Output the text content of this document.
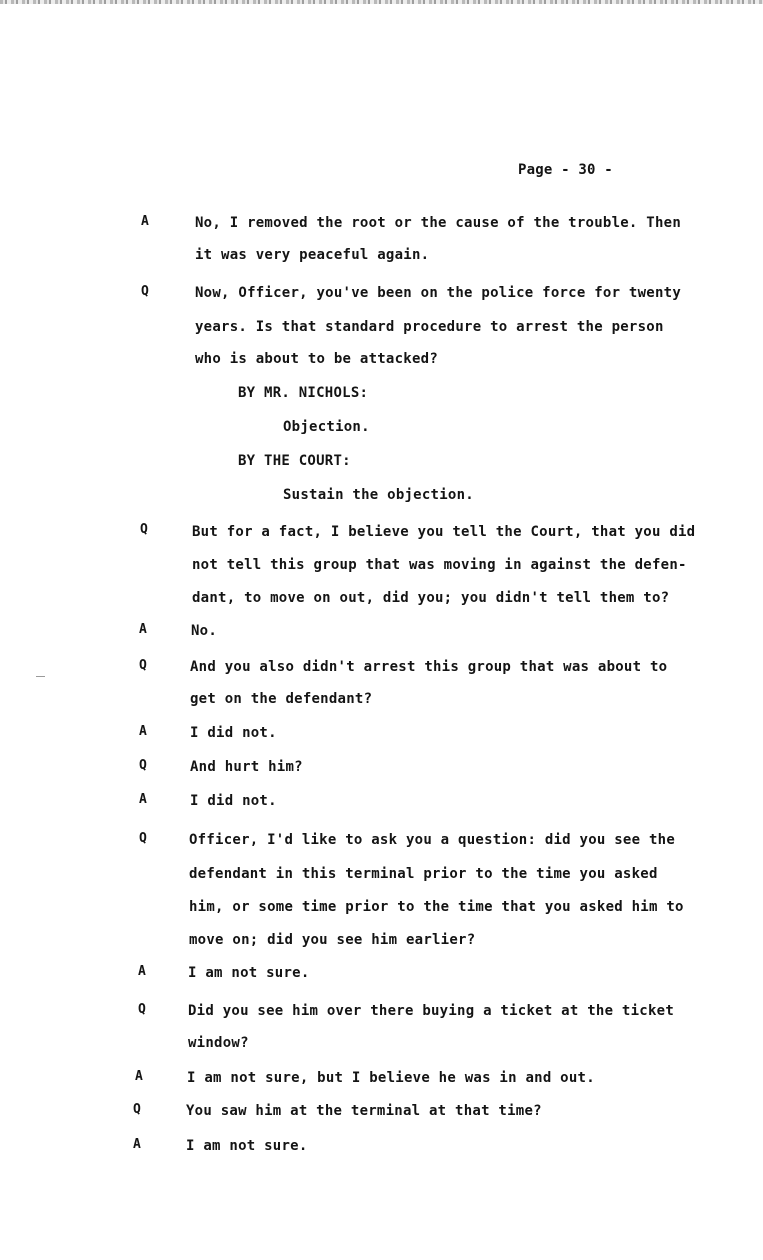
Page - 30 -
A	No, I removed the root or the cause of the trouble. Then
it was very peaceful again.
Q	Now, Officer, you've been on the police force for twenty
years. Is that standard procedure to arrest the person
who is about to be attacked?
BY MR. NICHOLS:
Objection.
BY THE COURT:
Sustain the objection.
Q	But for a fact, I believe you tell the Court, that you did
not tell this group that was moving in against the defen-
dant, to move on out, did you; you didn't tell them to?
A	No.
Q	And you also didn't arrest this group that was about to
get on the defendant?
A	I did not.
Q	And hurt him?
A	I did not.
Q	Officer, I'd like to ask you a question: did you see the
defendant in this terminal prior to the time you asked
him, or some time prior to the time that you asked him to
move on; did you see him earlier?
A	I am not sure.
Q	Did you see him over there buying a ticket at the ticket
window?
A	I am not sure, but I believe he was in and out.
Q	You saw him at the terminal at that time?
A	I am not sure.
